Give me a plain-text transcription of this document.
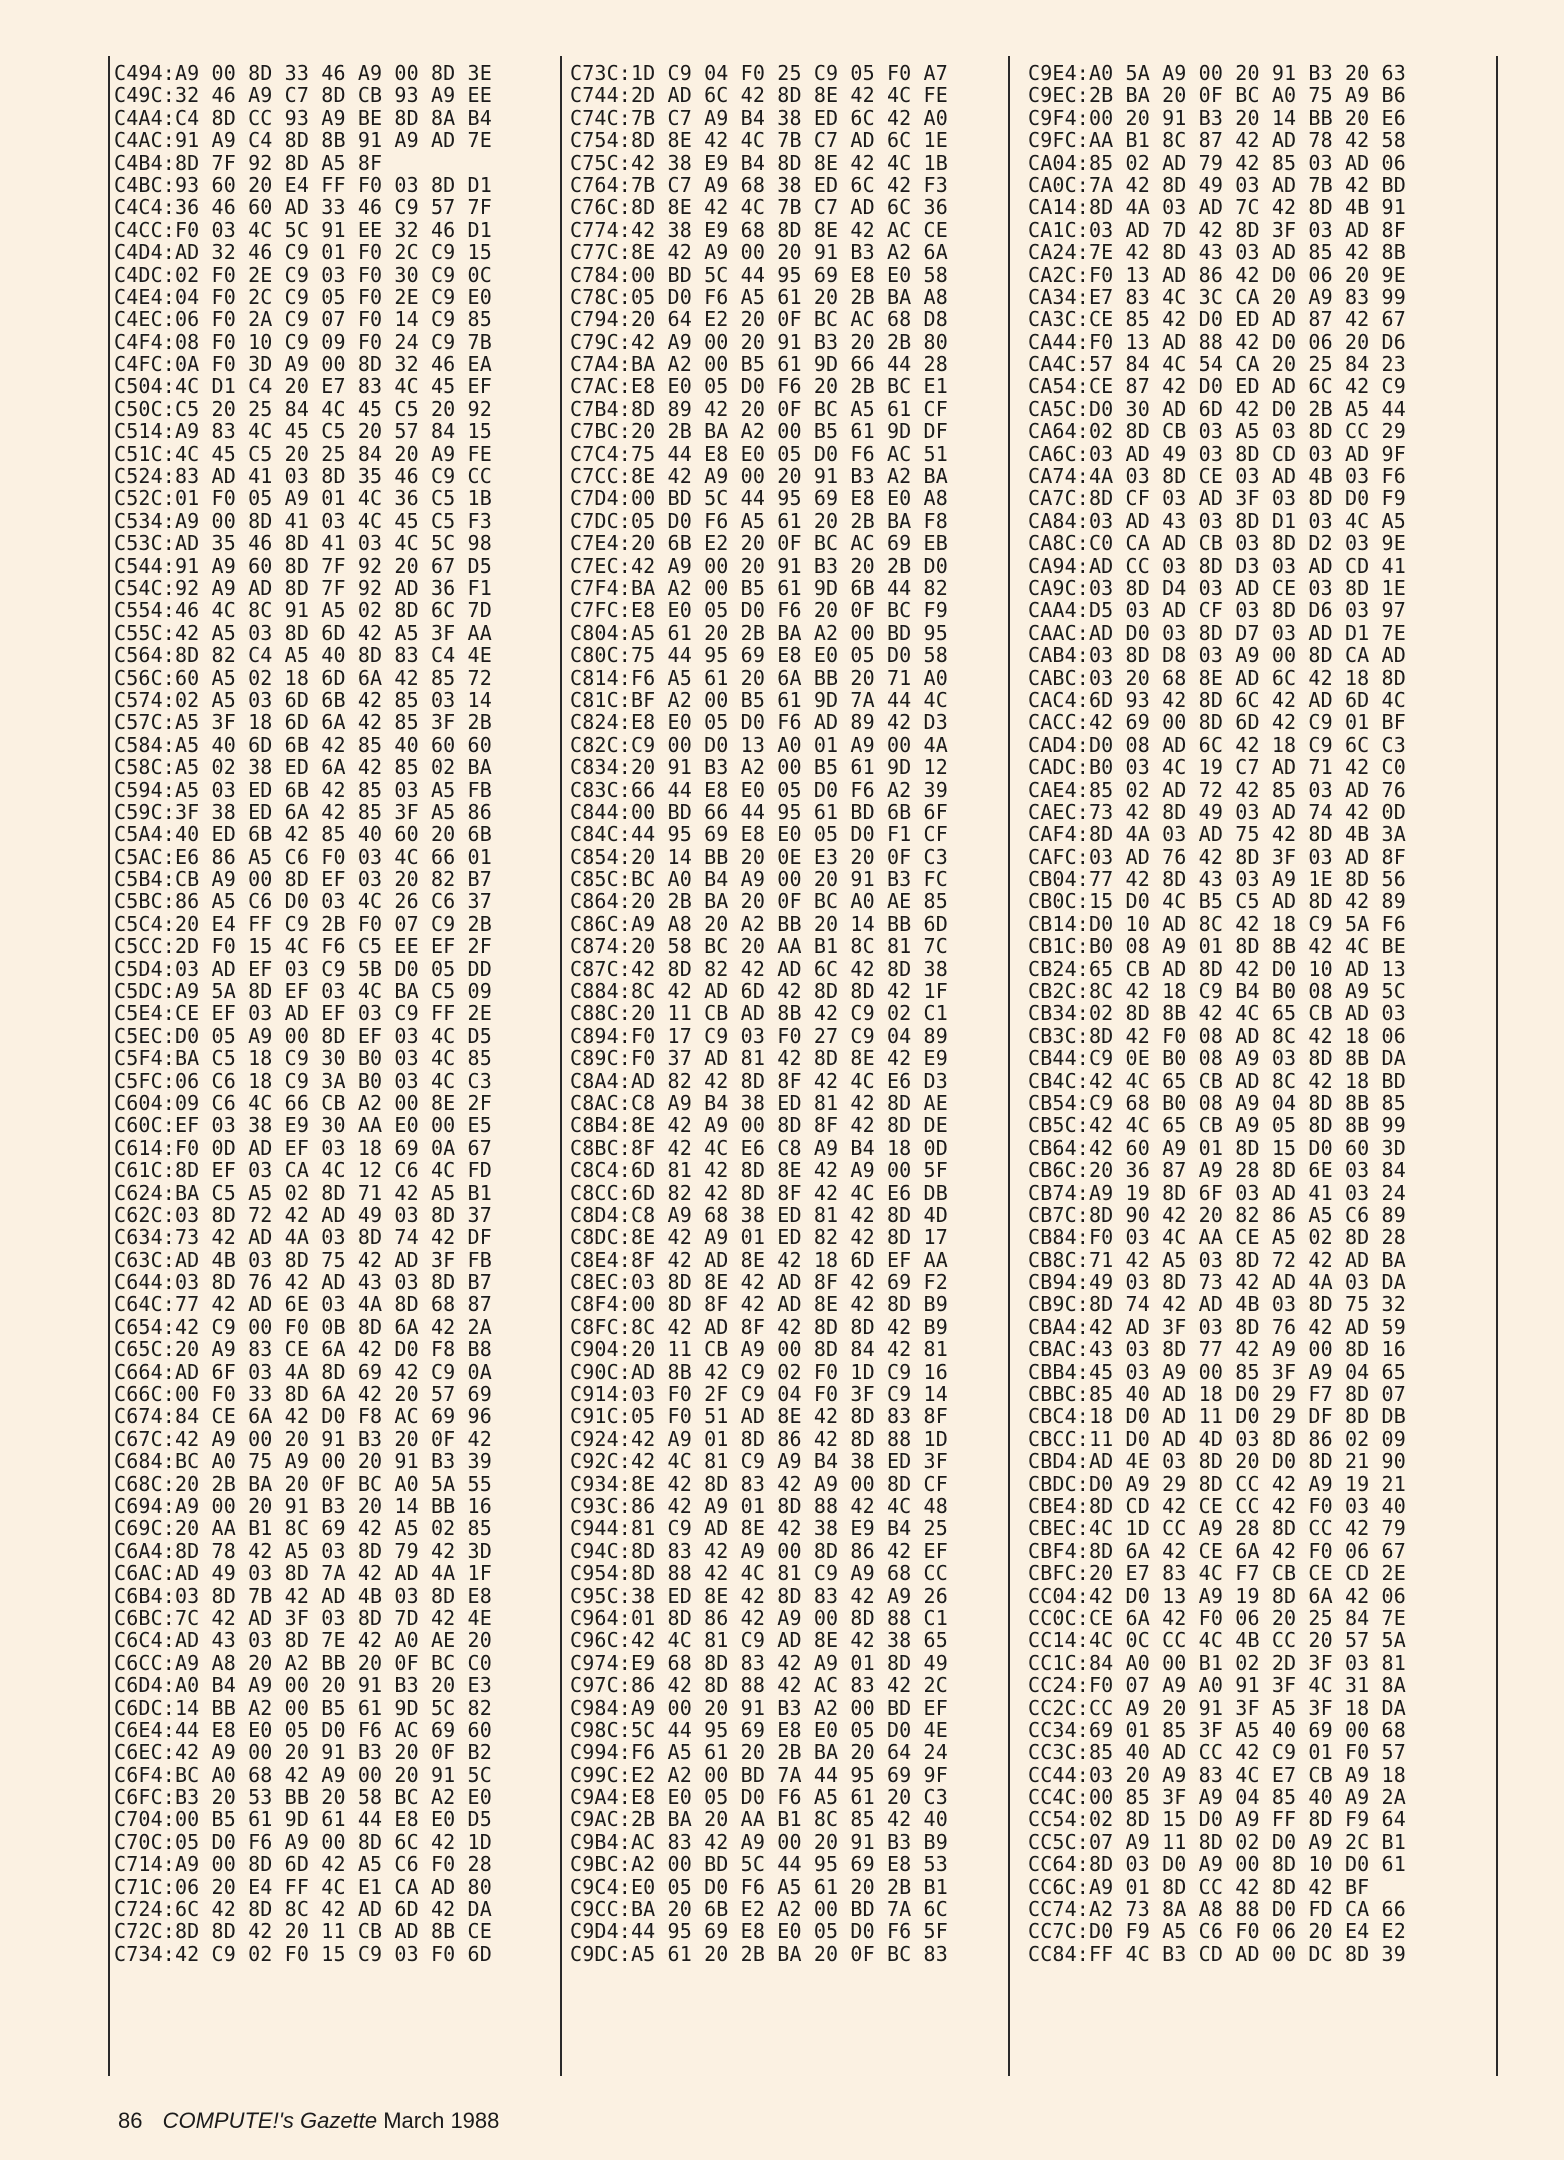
C494:A9 00 8D 33 46 A9 00 8D 3E
C49C:32 46 A9 C7 8D CB 93 A9 EE
C4A4:C4 8D CC 93 A9 BE 8D 8A B4
C4AC:91 A9 C4 8D 8B 91 A9 AD 7E
C4B4:8D 7F 92 8D A5 8F
C4BC:93 60 20 E4 FF F0 03 8D D1
C4C4:36 46 60 AD 33 46 C9 57 7F
C4CC:F0 03 4C 5C 91 EE 32 46 D1
C4D4:AD 32 46 C9 01 F0 2C C9 15
C4DC:02 F0 2E C9 03 F0 30 C9 0C
C4E4:04 F0 2C C9 05 F0 2E C9 E0
C4EC:06 F0 2A C9 07 F0 14 C9 85
C4F4:08 F0 10 C9 09 F0 24 C9 7B
C4FC:0A F0 3D A9 00 8D 32 46 EA
C504:4C D1 C4 20 E7 83 4C 45 EF
C50C:C5 20 25 84 4C 45 C5 20 92
C514:A9 83 4C 45 C5 20 57 84 15
C51C:4C 45 C5 20 25 84 20 A9 FE
C524:83 AD 41 03 8D 35 46 C9 CC
C52C:01 F0 05 A9 01 4C 36 C5 1B
C534:A9 00 8D 41 03 4C 45 C5 F3
C53C:AD 35 46 8D 41 03 4C 5C 98
C544:91 A9 60 8D 7F 92 20 67 D5
C54C:92 A9 AD 8D 7F 92 AD 36 F1
C554:46 4C 8C 91 A5 02 8D 6C 7D
C55C:42 A5 03 8D 6D 42 A5 3F AA
C564:8D 82 C4 A5 40 8D 83 C4 4E
C56C:60 A5 02 18 6D 6A 42 85 72
C574:02 A5 03 6D 6B 42 85 03 14
C57C:A5 3F 18 6D 6A 42 85 3F 2B
C584:A5 40 6D 6B 42 85 40 60 60
C58C:A5 02 38 ED 6A 42 85 02 BA
C594:A5 03 ED 6B 42 85 03 A5 FB
C59C:3F 38 ED 6A 42 85 3F A5 86
C5A4:40 ED 6B 42 85 40 60 20 6B
C5AC:E6 86 A5 C6 F0 03 4C 66 01
C5B4:CB A9 00 8D EF 03 20 82 B7
C5BC:86 A5 C6 D0 03 4C 26 C6 37
C5C4:20 E4 FF C9 2B F0 07 C9 2B
C5CC:2D F0 15 4C F6 C5 EE EF 2F
C5D4:03 AD EF 03 C9 5B D0 05 DD
C5DC:A9 5A 8D EF 03 4C BA C5 09
C5E4:CE EF 03 AD EF 03 C9 FF 2E
C5EC:D0 05 A9 00 8D EF 03 4C D5
C5F4:BA C5 18 C9 30 B0 03 4C 85
C5FC:06 C6 18 C9 3A B0 03 4C C3
C604:09 C6 4C 66 CB A2 00 8E 2F
C60C:EF 03 38 E9 30 AA E0 00 E5
C614:F0 0D AD EF 03 18 69 0A 67
C61C:8D EF 03 CA 4C 12 C6 4C FD
C624:BA C5 A5 02 8D 71 42 A5 B1
C62C:03 8D 72 42 AD 49 03 8D 37
C634:73 42 AD 4A 03 8D 74 42 DF
C63C:AD 4B 03 8D 75 42 AD 3F FB
C644:03 8D 76 42 AD 43 03 8D B7
C64C:77 42 AD 6E 03 4A 8D 68 87
C654:42 C9 00 F0 0B 8D 6A 42 2A
C65C:20 A9 83 CE 6A 42 D0 F8 B8
C664:AD 6F 03 4A 8D 69 42 C9 0A
C66C:00 F0 33 8D 6A 42 20 57 69
C674:84 CE 6A 42 D0 F8 AC 69 96
C67C:42 A9 00 20 91 B3 20 0F 42
C684:BC A0 75 A9 00 20 91 B3 39
C68C:20 2B BA 20 0F BC A0 5A 55
C694:A9 00 20 91 B3 20 14 BB 16
C69C:20 AA B1 8C 69 42 A5 02 85
C6A4:8D 78 42 A5 03 8D 79 42 3D
C6AC:AD 49 03 8D 7A 42 AD 4A 1F
C6B4:03 8D 7B 42 AD 4B 03 8D E8
C6BC:7C 42 AD 3F 03 8D 7D 42 4E
C6C4:AD 43 03 8D 7E 42 A0 AE 20
C6CC:A9 A8 20 A2 BB 20 0F BC C0
C6D4:A0 B4 A9 00 20 91 B3 20 E3
C6DC:14 BB A2 00 B5 61 9D 5C 82
C6E4:44 E8 E0 05 D0 F6 AC 69 60
C6EC:42 A9 00 20 91 B3 20 0F B2
C6F4:BC A0 68 42 A9 00 20 91 5C
C6FC:B3 20 53 BB 20 58 BC A2 E0
C704:00 B5 61 9D 61 44 E8 E0 D5
C70C:05 D0 F6 A9 00 8D 6C 42 1D
C714:A9 00 8D 6D 42 A5 C6 F0 28
C71C:06 20 E4 FF 4C E1 CA AD 80
C724:6C 42 8D 8C 42 AD 6D 42 DA
C72C:8D 8D 42 20 11 CB AD 8B CE
C734:42 C9 02 F0 15 C9 03 F0 6D
C73C:1D C9 04 F0 25 C9 05 F0 A7
C744:2D AD 6C 42 8D 8E 42 4C FE
C74C:7B C7 A9 B4 38 ED 6C 42 A0
C754:8D 8E 42 4C 7B C7 AD 6C 1E
C75C:42 38 E9 B4 8D 8E 42 4C 1B
C764:7B C7 A9 68 38 ED 6C 42 F3
C76C:8D 8E 42 4C 7B C7 AD 6C 36
C774:42 38 E9 68 8D 8E 42 AC CE
C77C:8E 42 A9 00 20 91 B3 A2 6A
C784:00 BD 5C 44 95 69 E8 E0 58
C78C:05 D0 F6 A5 61 20 2B BA A8
C794:20 64 E2 20 0F BC AC 68 D8
C79C:42 A9 00 20 91 B3 20 2B 80
C7A4:BA A2 00 B5 61 9D 66 44 28
C7AC:E8 E0 05 D0 F6 20 2B BC E1
C7B4:8D 89 42 20 0F BC A5 61 CF
C7BC:20 2B BA A2 00 B5 61 9D DF
C7C4:75 44 E8 E0 05 D0 F6 AC 51
C7CC:8E 42 A9 00 20 91 B3 A2 BA
C7D4:00 BD 5C 44 95 69 E8 E0 A8
C7DC:05 D0 F6 A5 61 20 2B BA F8
C7E4:20 6B E2 20 0F BC AC 69 EB
C7EC:42 A9 00 20 91 B3 20 2B D0
C7F4:BA A2 00 B5 61 9D 6B 44 82
C7FC:E8 E0 05 D0 F6 20 0F BC F9
C804:A5 61 20 2B BA A2 00 BD 95
C80C:75 44 95 69 E8 E0 05 D0 58
C814:F6 A5 61 20 6A BB 20 71 A0
C81C:BF A2 00 B5 61 9D 7A 44 4C
C824:E8 E0 05 D0 F6 AD 89 42 D3
C82C:C9 00 D0 13 A0 01 A9 00 4A
C834:20 91 B3 A2 00 B5 61 9D 12
C83C:66 44 E8 E0 05 D0 F6 A2 39
C844:00 BD 66 44 95 61 BD 6B 6F
C84C:44 95 69 E8 E0 05 D0 F1 CF
C854:20 14 BB 20 0E E3 20 0F C3
C85C:BC A0 B4 A9 00 20 91 B3 FC
C864:20 2B BA 20 0F BC A0 AE 85
C86C:A9 A8 20 A2 BB 20 14 BB 6D
C874:20 58 BC 20 AA B1 8C 81 7C
C87C:42 8D 82 42 AD 6C 42 8D 38
C884:8C 42 AD 6D 42 8D 8D 42 1F
C88C:20 11 CB AD 8B 42 C9 02 C1
C894:F0 17 C9 03 F0 27 C9 04 89
C89C:F0 37 AD 81 42 8D 8E 42 E9
C8A4:AD 82 42 8D 8F 42 4C E6 D3
C8AC:C8 A9 B4 38 ED 81 42 8D AE
C8B4:8E 42 A9 00 8D 8F 42 8D DE
C8BC:8F 42 4C E6 C8 A9 B4 18 0D
C8C4:6D 81 42 8D 8E 42 A9 00 5F
C8CC:6D 82 42 8D 8F 42 4C E6 DB
C8D4:C8 A9 68 38 ED 81 42 8D 4D
C8DC:8E 42 A9 01 ED 82 42 8D 17
C8E4:8F 42 AD 8E 42 18 6D EF AA
C8EC:03 8D 8E 42 AD 8F 42 69 F2
C8F4:00 8D 8F 42 AD 8E 42 8D B9
C8FC:8C 42 AD 8F 42 8D 8D 42 B9
C904:20 11 CB A9 00 8D 84 42 81
C90C:AD 8B 42 C9 02 F0 1D C9 16
C914:03 F0 2F C9 04 F0 3F C9 14
C91C:05 F0 51 AD 8E 42 8D 83 8F
C924:42 A9 01 8D 86 42 8D 88 1D
C92C:42 4C 81 C9 A9 B4 38 ED 3F
C934:8E 42 8D 83 42 A9 00 8D CF
C93C:86 42 A9 01 8D 88 42 4C 48
C944:81 C9 AD 8E 42 38 E9 B4 25
C94C:8D 83 42 A9 00 8D 86 42 EF
C954:8D 88 42 4C 81 C9 A9 68 CC
C95C:38 ED 8E 42 8D 83 42 A9 26
C964:01 8D 86 42 A9 00 8D 88 C1
C96C:42 4C 81 C9 AD 8E 42 38 65
C974:E9 68 8D 83 42 A9 01 8D 49
C97C:86 42 8D 88 42 AC 83 42 2C
C984:A9 00 20 91 B3 A2 00 BD EF
C98C:5C 44 95 69 E8 E0 05 D0 4E
C994:F6 A5 61 20 2B BA 20 64 24
C99C:E2 A2 00 BD 7A 44 95 69 9F
C9A4:E8 E0 05 D0 F6 A5 61 20 C3
C9AC:2B BA 20 AA B1 8C 85 42 40
C9B4:AC 83 42 A9 00 20 91 B3 B9
C9BC:A2 00 BD 5C 44 95 69 E8 53
C9C4:E0 05 D0 F6 A5 61 20 2B B1
C9CC:BA 20 6B E2 A2 00 BD 7A 6C
C9D4:44 95 69 E8 E0 05 D0 F6 5F
C9DC:A5 61 20 2B BA 20 0F BC 83
C9E4:A0 5A A9 00 20 91 B3 20 63
C9EC:2B BA 20 0F BC A0 75 A9 B6
C9F4:00 20 91 B3 20 14 BB 20 E6
C9FC:AA B1 8C 87 42 AD 78 42 58
CA04:85 02 AD 79 42 85 03 AD 06
CA0C:7A 42 8D 49 03 AD 7B 42 BD
CA14:8D 4A 03 AD 7C 42 8D 4B 91
CA1C:03 AD 7D 42 8D 3F 03 AD 8F
CA24:7E 42 8D 43 03 AD 85 42 8B
CA2C:F0 13 AD 86 42 D0 06 20 9E
CA34:E7 83 4C 3C CA 20 A9 83 99
CA3C:CE 85 42 D0 ED AD 87 42 67
CA44:F0 13 AD 88 42 D0 06 20 D6
CA4C:57 84 4C 54 CA 20 25 84 23
CA54:CE 87 42 D0 ED AD 6C 42 C9
CA5C:D0 30 AD 6D 42 D0 2B A5 44
CA64:02 8D CB 03 A5 03 8D CC 29
CA6C:03 AD 49 03 8D CD 03 AD 9F
CA74:4A 03 8D CE 03 AD 4B 03 F6
CA7C:8D CF 03 AD 3F 03 8D D0 F9
CA84:03 AD 43 03 8D D1 03 4C A5
CA8C:C0 CA AD CB 03 8D D2 03 9E
CA94:AD CC 03 8D D3 03 AD CD 41
CA9C:03 8D D4 03 AD CE 03 8D 1E
CAA4:D5 03 AD CF 03 8D D6 03 97
CAAC:AD D0 03 8D D7 03 AD D1 7E
CAB4:03 8D D8 03 A9 00 8D CA AD
CABC:03 20 68 8E AD 6C 42 18 8D
CAC4:6D 93 42 8D 6C 42 AD 6D 4C
CACC:42 69 00 8D 6D 42 C9 01 BF
CAD4:D0 08 AD 6C 42 18 C9 6C C3
CADC:B0 03 4C 19 C7 AD 71 42 C0
CAE4:85 02 AD 72 42 85 03 AD 76
CAEC:73 42 8D 49 03 AD 74 42 0D
CAF4:8D 4A 03 AD 75 42 8D 4B 3A
CAFC:03 AD 76 42 8D 3F 03 AD 8F
CB04:77 42 8D 43 03 A9 1E 8D 56
CB0C:15 D0 4C B5 C5 AD 8D 42 89
CB14:D0 10 AD 8C 42 18 C9 5A F6
CB1C:B0 08 A9 01 8D 8B 42 4C BE
CB24:65 CB AD 8D 42 D0 10 AD 13
CB2C:8C 42 18 C9 B4 B0 08 A9 5C
CB34:02 8D 8B 42 4C 65 CB AD 03
CB3C:8D 42 F0 08 AD 8C 42 18 06
CB44:C9 0E B0 08 A9 03 8D 8B DA
CB4C:42 4C 65 CB AD 8C 42 18 BD
CB54:C9 68 B0 08 A9 04 8D 8B 85
CB5C:42 4C 65 CB A9 05 8D 8B 99
CB64:42 60 A9 01 8D 15 D0 60 3D
CB6C:20 36 87 A9 28 8D 6E 03 84
CB74:A9 19 8D 6F 03 AD 41 03 24
CB7C:8D 90 42 20 82 86 A5 C6 89
CB84:F0 03 4C AA CE A5 02 8D 28
CB8C:71 42 A5 03 8D 72 42 AD BA
CB94:49 03 8D 73 42 AD 4A 03 DA
CB9C:8D 74 42 AD 4B 03 8D 75 32
CBA4:42 AD 3F 03 8D 76 42 AD 59
CBAC:43 03 8D 77 42 A9 00 8D 16
CBB4:45 03 A9 00 85 3F A9 04 65
CBBC:85 40 AD 18 D0 29 F7 8D 07
CBC4:18 D0 AD 11 D0 29 DF 8D DB
CBCC:11 D0 AD 4D 03 8D 86 02 09
CBD4:AD 4E 03 8D 20 D0 8D 21 90
CBDC:D0 A9 29 8D CC 42 A9 19 21
CBE4:8D CD 42 CE CC 42 F0 03 40
CBEC:4C 1D CC A9 28 8D CC 42 79
CBF4:8D 6A 42 CE 6A 42 F0 06 67
CBFC:20 E7 83 4C F7 CB CE CD 2E
CC04:42 D0 13 A9 19 8D 6A 42 06
CC0C:CE 6A 42 F0 06 20 25 84 7E
CC14:4C 0C CC 4C 4B CC 20 57 5A
CC1C:84 A0 00 B1 02 2D 3F 03 81
CC24:F0 07 A9 A0 91 3F 4C 31 8A
CC2C:CC A9 20 91 3F A5 3F 18 DA
CC34:69 01 85 3F A5 40 69 00 68
CC3C:85 40 AD CC 42 C9 01 F0 57
CC44:03 20 A9 83 4C E7 CB A9 18
CC4C:00 85 3F A9 04 85 40 A9 2A
CC54:02 8D 15 D0 A9 FF 8D F9 64
CC5C:07 A9 11 8D 02 D0 A9 2C B1
CC64:8D 03 D0 A9 00 8D 10 D0 61
CC6C:A9 01 8D CC 42 8D 42 BF
CC74:A2 73 8A A8 88 D0 FD CA 66
CC7C:D0 F9 A5 C6 F0 06 20 E4 E2
CC84:FF 4C B3 CD AD 00 DC 8D 39
86 COMPUTE!'s Gazette March 1988
